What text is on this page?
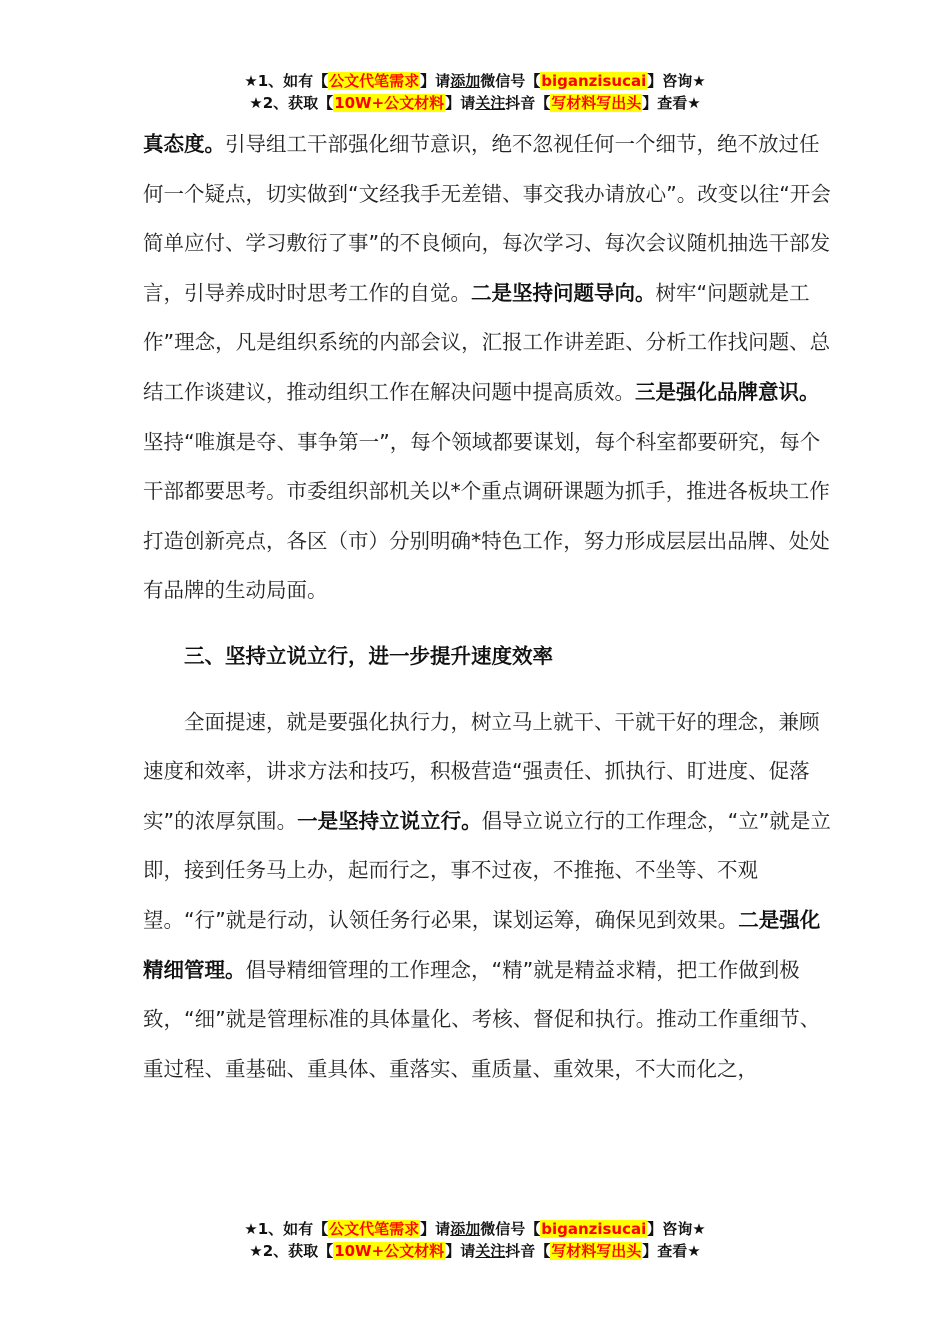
★1、如有【公文代笔需求】请添加微信号【biganzisucai】咨询★
★2、获取【10W+公文材料】请关注抖音【写材料写出头】查看★

真态度。引导组工干部强化细节意识，绝不忽视任何一个细节，绝不放过任何一个疑点，切实做到“文经我手无差错、事交我办请放心”。改变以往“开会简单应付、学习敷衍了事”的不良倾向，每次学习、每次会议随机抽选干部发言，引导养成时时思考工作的自觉。二是坚持问题导向。树牢“问题就是工作”理念，凡是组织系统的内部会议，汇报工作讲差距、分析工作找问题、总结工作谈建议，推动组织工作在解决问题中提高质效。三是强化品牌意识。坚持“唯旗是夺、事争第一”，每个领域都要谋划，每个科室都要研究，每个干部都要思考。市委组织部机关以*个重点调研课题为抓手，推进各板块工作打造创新亮点，各区（市）分别明确*特色工作，努力形成层层出品牌、处处有品牌的生动局面。

三、坚持立说立行，进一步提升速度效率

全面提速，就是要强化执行力，树立马上就干、干就干好的理念，兼顾速度和效率，讲求方法和技巧，积极营造“强责任、抓执行、盯进度、促落实”的浓厚氛围。一是坚持立说立行。倡导立说立行的工作理念，“立”就是立即，接到任务马上办，起而行之，事不过夜，不推拖、不坐等、不观望。“行”就是行动，认领任务行必果，谋划运筹，确保见到效果。二是强化精细管理。倡导精细管理的工作理念，“精”就是精益求精，把工作做到极致，“细”就是管理标准的具体量化、考核、督促和执行。推动工作重细节、重过程、重基础、重具体、重落实、重质量、重效果，不大而化之，

★1、如有【公文代笔需求】请添加微信号【biganzisucai】咨询★
★2、获取【10W+公文材料】请关注抖音【写材料写出头】查看★
